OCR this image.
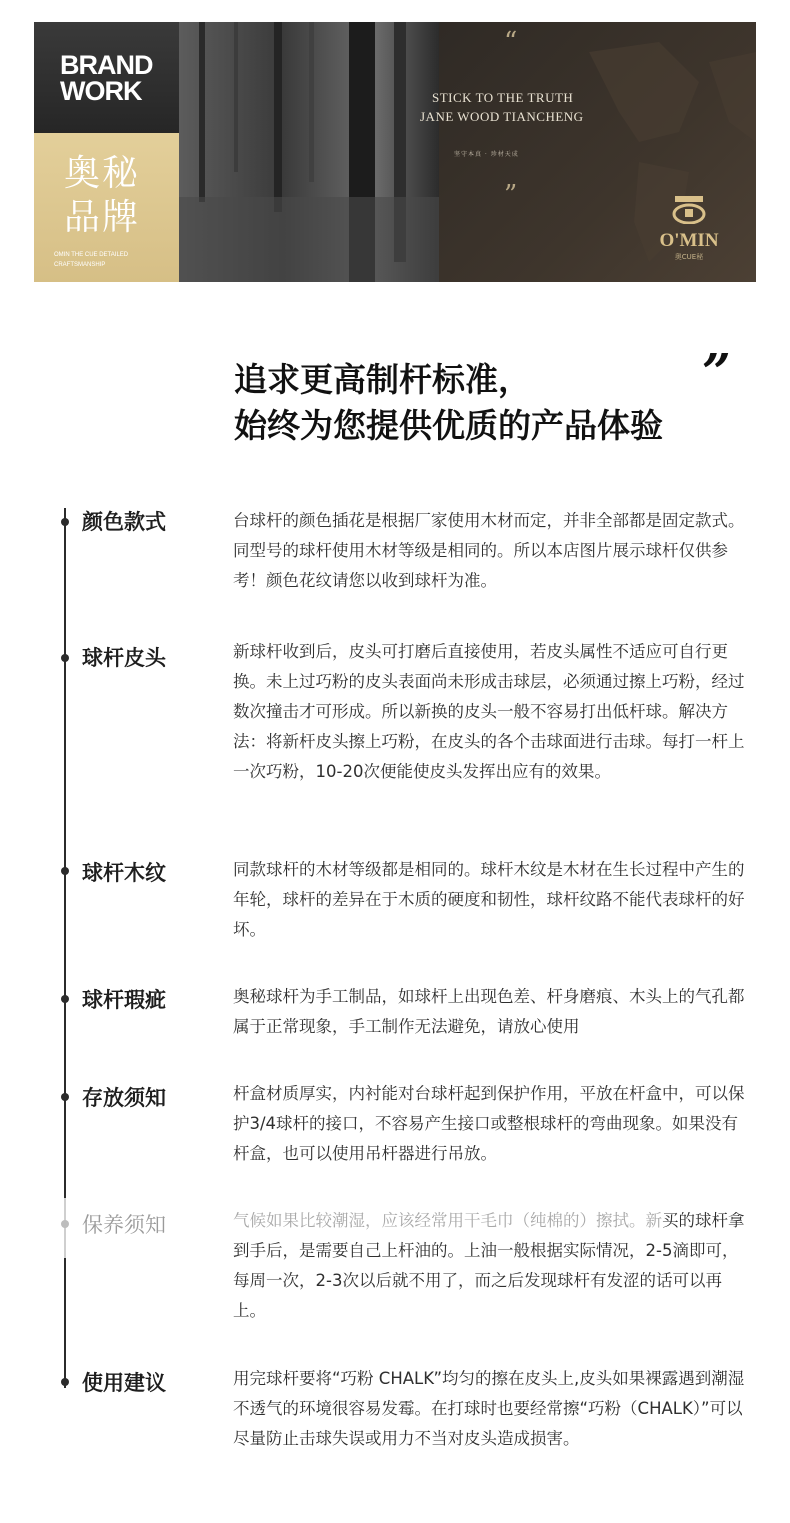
BRAND
WORK
奥秘
品牌
OMIN THE CUE DETAILED
CRAFTSMANSHIP
“
STICK TO THE TRUTH
JANE WOOD TIANCHENG
坚守本真 · 珍材天成
”
O'MIN
奥CUE秘
追求更高制杆标准，
始终为您提供优质的产品体验
”
颜色款式	台球杆的颜色插花是根据厂家使用木材而定，并非全部都是固定款式。同型号的球杆使用木材等级是相同的。所以本店图片展示球杆仅供参考！颜色花纹请您以收到球杆为准。
球杆皮头	新球杆收到后，皮头可打磨后直接使用，若皮头属性不适应可自行更换。未上过巧粉的皮头表面尚未形成击球层，必须通过擦上巧粉，经过数次撞击才可形成。所以新换的皮头一般不容易打出低杆球。解决方法：将新杆皮头擦上巧粉，在皮头的各个击球面进行击球。每打一杆上一次巧粉，10-20次便能使皮头发挥出应有的效果。
球杆木纹	同款球杆的木材等级都是相同的。球杆木纹是木材在生长过程中产生的年轮，球杆的差异在于木质的硬度和韧性，球杆纹路不能代表球杆的好坏。
球杆瑕疵	奥秘球杆为手工制品，如球杆上出现色差、杆身磨痕、木头上的气孔都属于正常现象，手工制作无法避免，请放心使用
存放须知	杆盒材质厚实，内衬能对台球杆起到保护作用，平放在杆盒中，可以保护3/4球杆的接口，不容易产生接口或整根球杆的弯曲现象。如果没有杆盒，也可以使用吊杆器进行吊放。
保养须知	气候如果比较潮湿，应该经常用干毛巾（纯棉的）擦拭。新买的球杆拿到手后，是需要自己上杆油的。上油一般根据实际情况，2-5滴即可，每周一次，2-3次以后就不用了，而之后发现球杆有发涩的话可以再上。
使用建议	用完球杆要将“巧粉 CHALK”均匀的擦在皮头上,皮头如果裸露遇到潮湿不透气的环境很容易发霉。在打球时也要经常擦“巧粉（CHALK）”可以尽量防止击球失误或用力不当对皮头造成损害。
